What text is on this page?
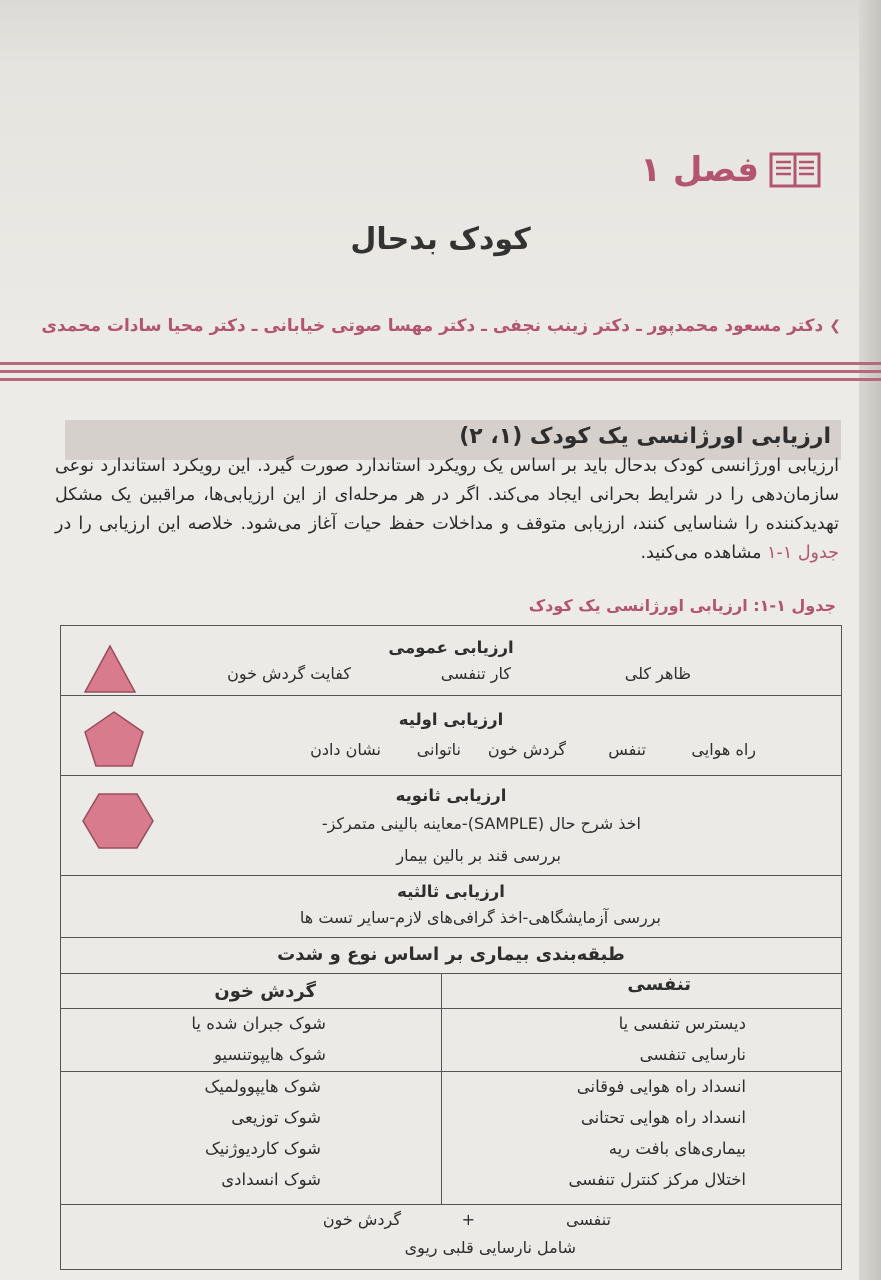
فصل ۱
کودک بدحال
❯
دکتر مسعود محمدپور ـ دکتر زینب نجفی ـ دکتر مهسا صوتی خیابانی ـ دکتر محیا سادات محمدی
ارزیابی اورژانسی یک کودک (۱، ۲)
ارزیابی اورژانسی کودک بدحال باید بر اساس یک رویکرد استاندارد صورت گیرد. این رویکرد استاندارد نوعی سازمان‌دهی را در شرایط بحرانی ایجاد می‌کند. اگر در هر مرحله‌ای از این ارزیابی‌ها، مراقبین یک مشکل تهدیدکننده را شناسایی کنند، ارزیابی متوقف و مداخلات حفظ حیات آغاز می‌شود. خلاصه این ارزیابی را در جدول ۱-۱ مشاهده می‌کنید.
جدول ۱-۱: ارزیابی اورژانسی یک کودک
ارزیابی عمومی
ظاهر کلی
کار تنفسی
کفایت گردش خون
ارزیابی اولیه
راه هوایی
تنفس
گردش خون
ناتوانی
نشان دادن
ارزیابی ثانویه
اخذ شرح حال (SAMPLE)-معاینه بالینی متمرکز-
بررسی قند بر بالین بیمار
ارزیابی ثالثیه
بررسی آزمایشگاهی-اخذ گرافی‌های لازم-سایر تست ها
طبقه‌بندی بیماری بر اساس نوع و شدت
تنفسی
گردش خون
دیسترس تنفسی یا
نارسایی تنفسی
شوک جبران شده یا
شوک هایپوتنسیو
انسداد راه هوایی فوقانی
انسداد راه هوایی تحتانی
بیماری‌های بافت ریه
اختلال مرکز کنترل تنفسی
شوک هایپوولمیک
شوک توزیعی
شوک کاردیوژنیک
شوک انسدادی
تنفسی
+
گردش خون
شامل نارسایی قلبی ریوی
